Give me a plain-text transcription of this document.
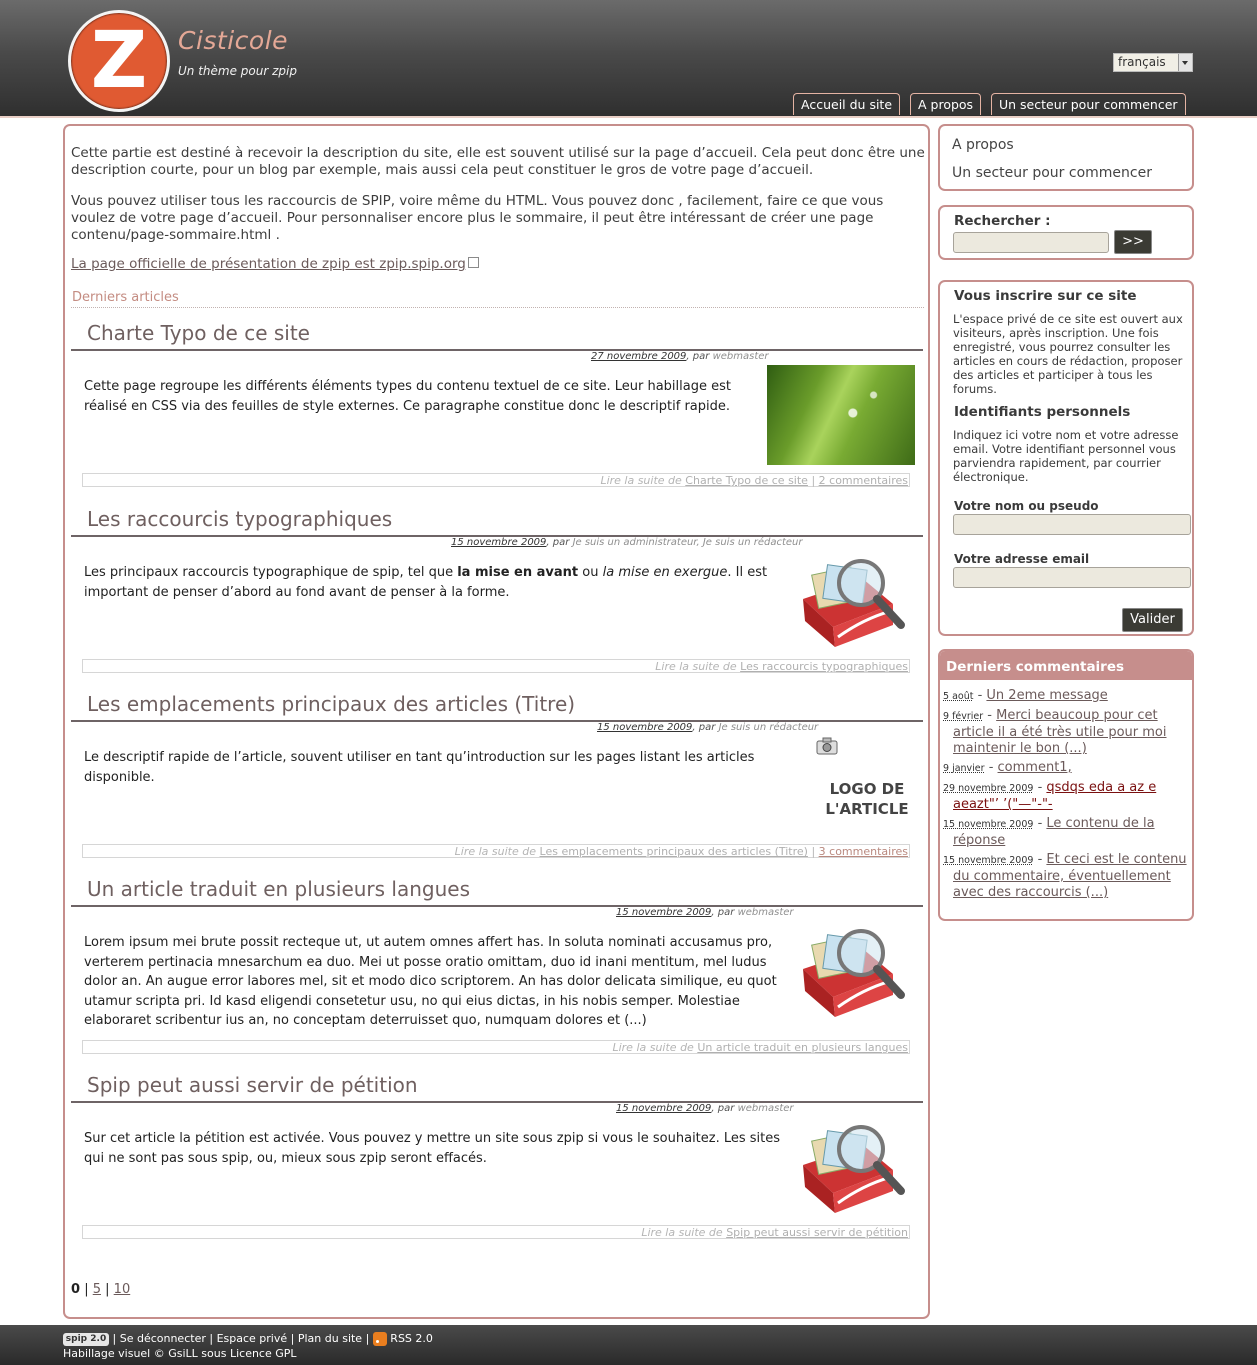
Z	Cisticole
Un thème pour zpip
français
Accueil du site	A propos	Un secteur pour commencer

Cette partie est destiné à recevoir la description du site, elle est souvent utilisé sur la page d’accueil. Cela peut donc être une description courte, pour un blog par exemple, mais aussi cela peut constituer le gros de votre page d’accueil.

Vous pouvez utiliser tous les raccourcis de SPIP, voire même du HTML. Vous pouvez donc , facilement, faire ce que vous voulez de votre page d’accueil. Pour personnaliser encore plus le sommaire, il peut être intéressant de créer une page contenu/page-sommaire.html .

La page officielle de présentation de zpip est zpip.spip.org
Derniers articles
Charte Typo de ce site
27 novembre 2009, par webmaster

Cette page regroupe les différents éléments types du contenu textuel de ce site. Leur habillage est réalisé en CSS via des feuilles de style externes. Ce paragraphe constitue donc le descriptif rapide.

Lire la suite de Charte Typo de ce site | 2 commentaires
Les raccourcis typographiques
15 novembre 2009, par Je suis un administrateur, Je suis un rédacteur

Les principaux raccourcis typographique de spip, tel que la mise en avant ou la mise en exergue. Il est important de penser d’abord au fond avant de penser à la forme.

Lire la suite de Les raccourcis typographiques
Les emplacements principaux des articles (Titre)
15 novembre 2009, par Je suis un rédacteur

Le descriptif rapide de l’article, souvent utiliser en tant qu’introduction sur les pages listant les articles disponible.

LOGO DE L'ARTICLE
Lire la suite de Les emplacements principaux des articles (Titre) | 3 commentaires
Un article traduit en plusieurs langues
15 novembre 2009, par webmaster

Lorem ipsum mei brute possit recteque ut, ut autem omnes affert has. In soluta nominati accusamus pro, verterem pertinacia mnesarchum ea duo. Mei ut posse oratio omittam, duo id inani mentitum, mel ludus dolor an. An augue error labores mel, sit et modo dico scriptorem. An has dolor delicata similique, eu quot utamur scripta pri. Id kasd eligendi consetetur usu, no qui eius dictas, in his nobis semper. Molestiae elaboraret scribentur ius an, no conceptam deterruisset quo, numquam dolores et (...)

Lire la suite de Un article traduit en plusieurs langues
Spip peut aussi servir de pétition
15 novembre 2009, par webmaster

Sur cet article la pétition est activée. Vous pouvez y mettre un site sous zpip si vous le souhaitez. Les sites qui ne sont pas sous spip, ou, mieux sous zpip seront effacés.

Lire la suite de Spip peut aussi servir de pétition
0 | 5 | 10
A propos
Un secteur pour commencer
Rechercher :
>>
Vous inscrire sur ce site

L'espace privé de ce site est ouvert aux visiteurs, après inscription. Une fois enregistré, vous pourrez consulter les articles en cours de rédaction, proposer des articles et participer à tous les forums.

Identifiants personnels

Indiquez ici votre nom et votre adresse email. Votre identifiant personnel vous parviendra rapidement, par courrier électronique.

Votre nom ou pseudo
Votre adresse email
Valider
Derniers commentaires
5 août - Un 2eme message
9 février - Merci beaucoup pour cet article il a été très utile pour moi maintenir le bon (...)
9 janvier - comment1,
29 novembre 2009 - qsdqs eda a az e aeazt"’ ’("—"-"-
15 novembre 2009 - Le contenu de la réponse
15 novembre 2009 - Et ceci est le contenu du commentaire, éventuellement avec des raccourcis (...)
spip 2.0 | Se déconnecter | Espace privé | Plan du site | RSS 2.0
Habillage visuel © GsiLL sous Licence GPL
